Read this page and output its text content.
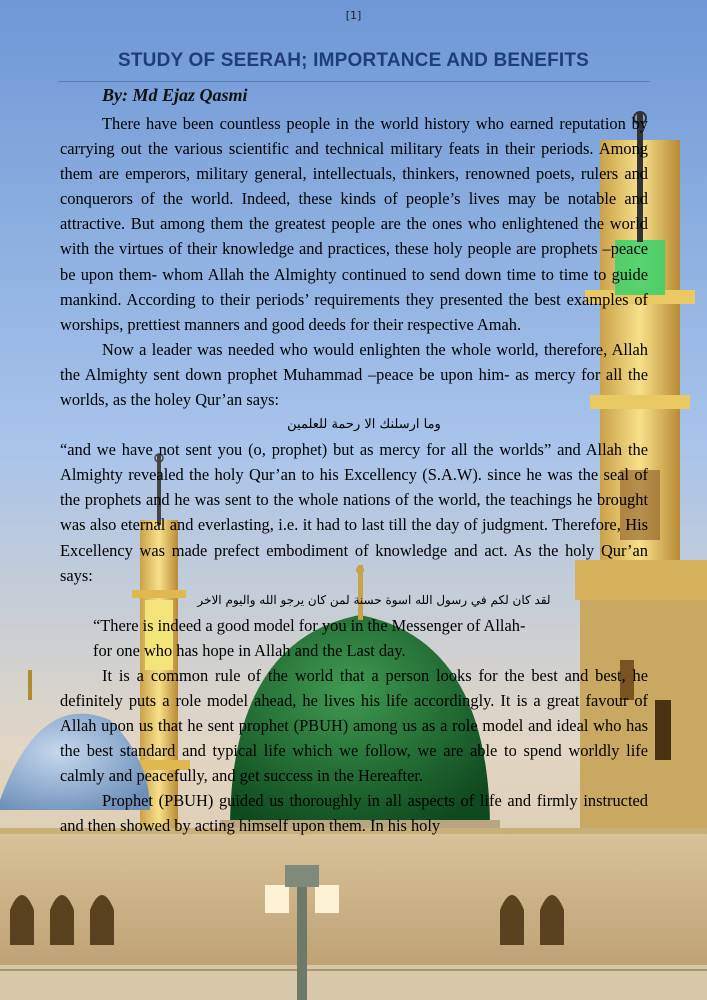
[1]
STUDY OF SEERAH; IMPORTANCE AND BENEFITS
By: Md Ejaz Qasmi

There have been countless people in the world history who earned reputation by carrying out the various scientific and technical military feats in their periods. Among them are emperors, military general, intellectuals, thinkers, renowned poets, rulers and conquerors of the world. Indeed, these kinds of people’s lives may be notable and attractive. But among them the greatest people are the ones who enlightened the world with the virtues of their knowledge and practices, these holy people are prophets –peace be upon them- whom Allah the Almighty continued to send down time to time to guide mankind. According to their periods’ requirements they presented the best examples of worships, prettiest manners and good deeds for their respective Amah.

Now a leader was needed who would enlighten the whole world, therefore, Allah the Almighty sent down prophet Muhammad –peace be upon him- as mercy for all the worlds, as the holey Qur’an says:

وما ارسلنك الا رحمة للعلمين

“and we have not sent you (o, prophet) but as mercy for all the worlds” and Allah the Almighty revealed the holy Qur’an to his Excellency (S.A.W). since he was the seal of the prophets and he was sent to the whole nations of the world, the teachings he brought was also eternal and everlasting, i.e. it had to last till the day of judgment. Therefore, His Excellency was made prefect embodiment of knowledge and act. As the holy Qur’an says:

لقد كان لكم في رسول الله اسوة حسنة لمن كان يرجو الله واليوم الاخر

“There is indeed a good model for you in the Messenger of Allah-

for one who has hope in Allah and the Last day.

It is a common rule of the world that a person looks for the best and best, he definitely puts a role model ahead, he lives his life accordingly. It is a great favour of Allah upon us that he sent prophet (PBUH) among us as a role model and ideal who has the best standard and typical life which we follow, we are able to spend worldly life calmly and peacefully, and get success in the Hereafter.

Prophet (PBUH) guided us thoroughly in all aspects of life and firmly instructed and then showed by acting himself upon them. In his holy
